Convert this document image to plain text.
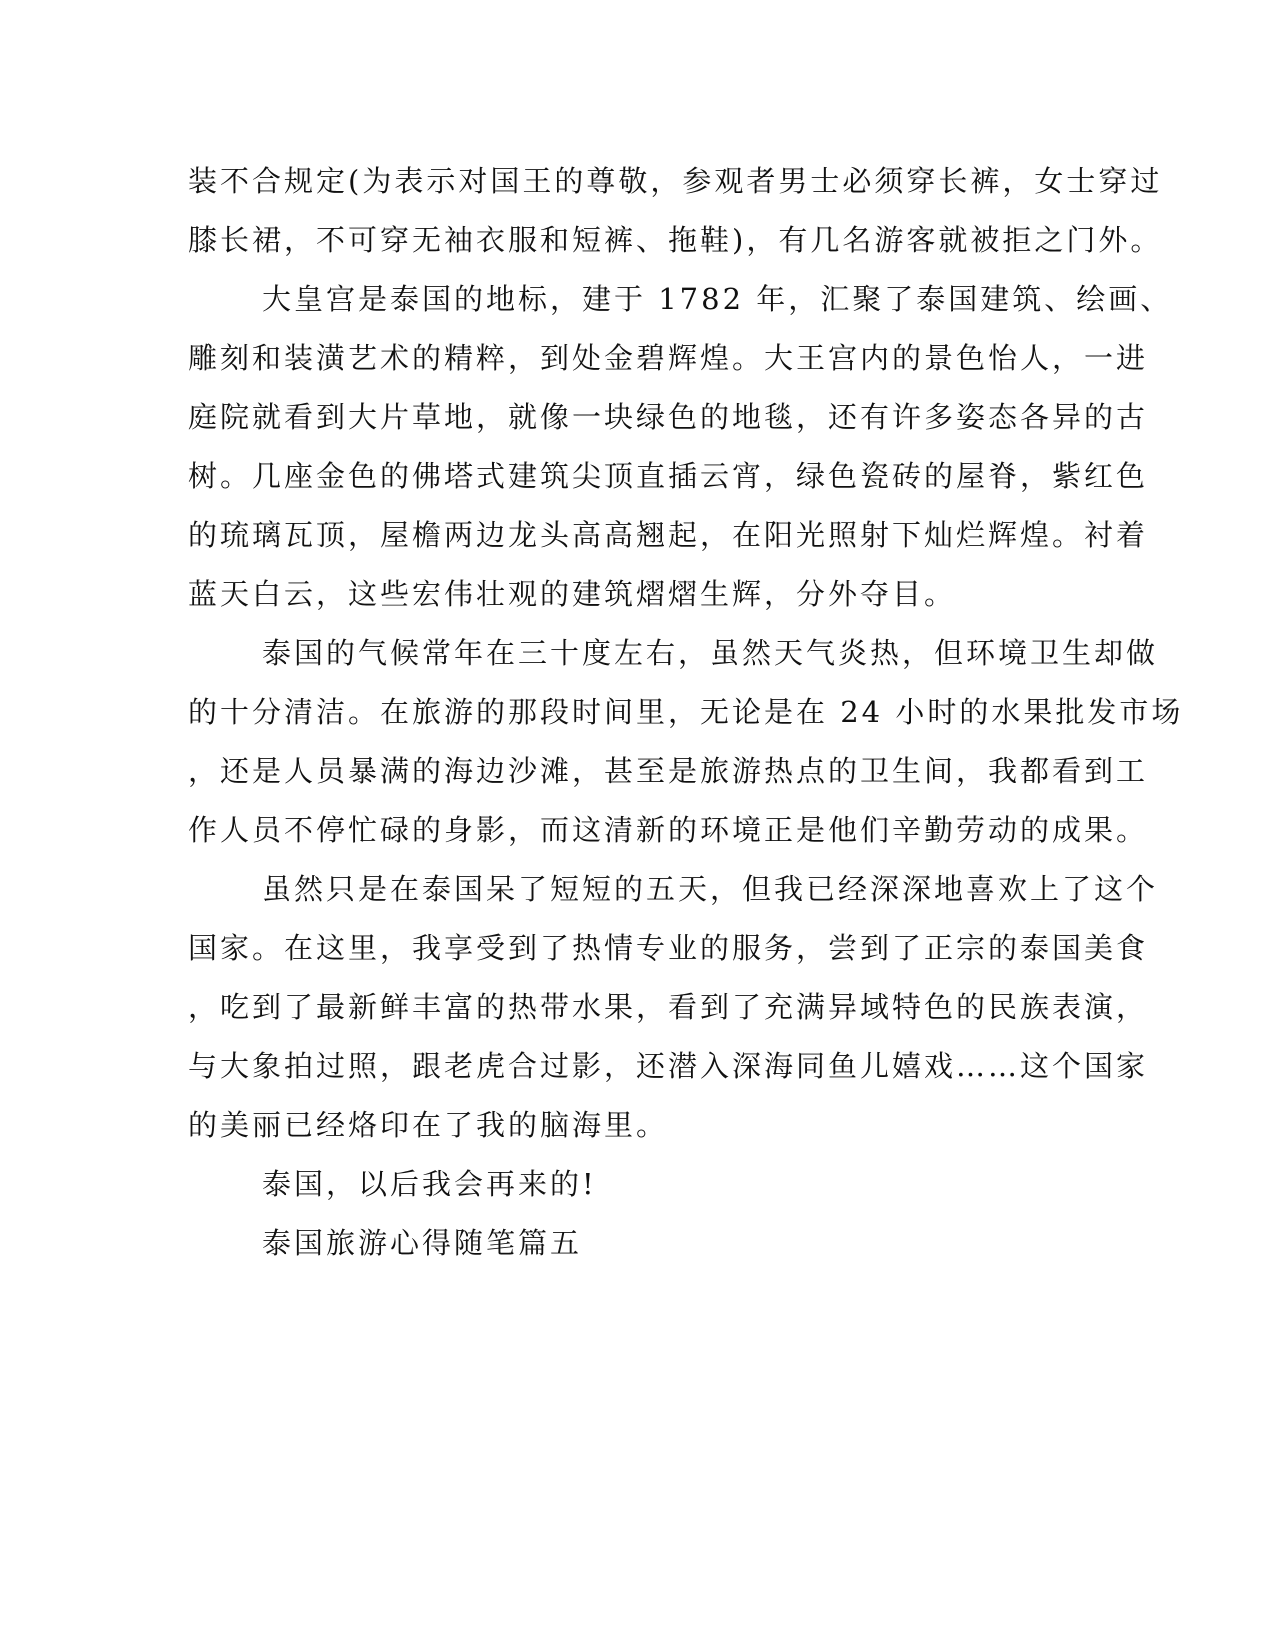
装不合规定(为表示对国王的尊敬，参观者男士必须穿长裤，女士穿过
膝长裙，不可穿无袖衣服和短裤、拖鞋)，有几名游客就被拒之门外。
大皇宫是泰国的地标，建于 1782 年，汇聚了泰国建筑、绘画、
雕刻和装潢艺术的精粹，到处金碧辉煌。大王宫内的景色怡人，一进
庭院就看到大片草地，就像一块绿色的地毯，还有许多姿态各异的古
树。几座金色的佛塔式建筑尖顶直插云宵，绿色瓷砖的屋脊，紫红色
的琉璃瓦顶，屋檐两边龙头高高翘起，在阳光照射下灿烂辉煌。衬着
蓝天白云，这些宏伟壮观的建筑熠熠生辉，分外夺目。
泰国的气候常年在三十度左右，虽然天气炎热，但环境卫生却做
的十分清洁。在旅游的那段时间里，无论是在 24 小时的水果批发市场
，还是人员暴满的海边沙滩，甚至是旅游热点的卫生间，我都看到工
作人员不停忙碌的身影，而这清新的环境正是他们辛勤劳动的成果。
虽然只是在泰国呆了短短的五天，但我已经深深地喜欢上了这个
国家。在这里，我享受到了热情专业的服务，尝到了正宗的泰国美食
，吃到了最新鲜丰富的热带水果，看到了充满异域特色的民族表演，
与大象拍过照，跟老虎合过影，还潜入深海同鱼儿嬉戏……这个国家
的美丽已经烙印在了我的脑海里。
泰国，以后我会再来的!
泰国旅游心得随笔篇五
